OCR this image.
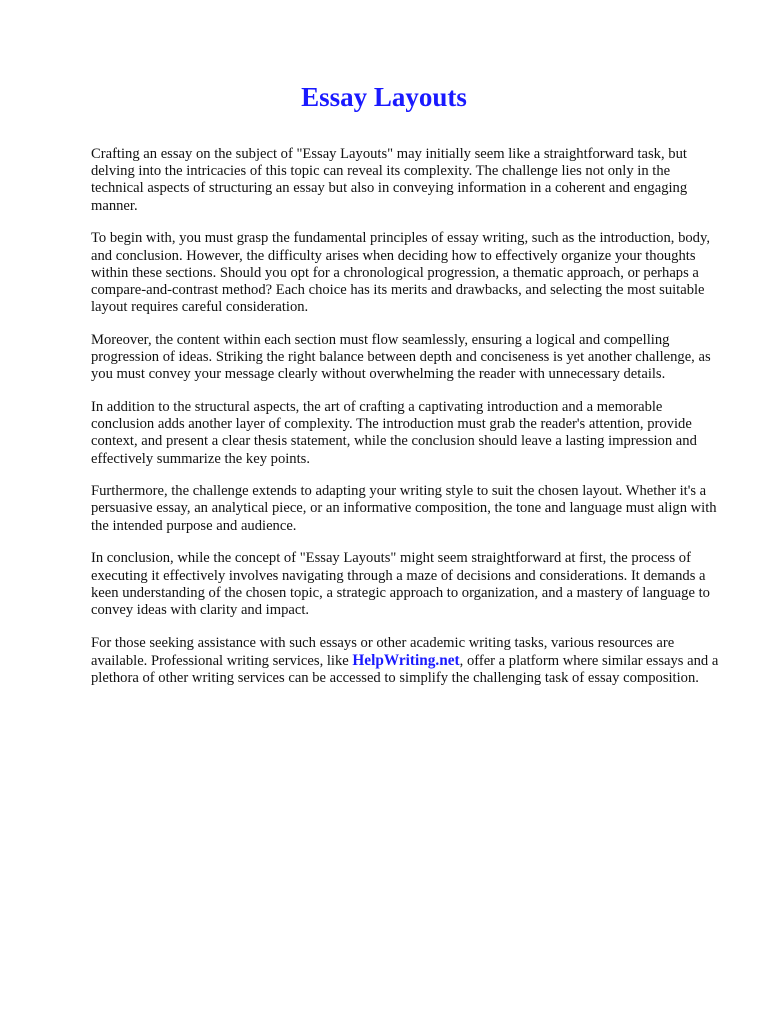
Essay Layouts

Crafting an essay on the subject of "Essay Layouts" may initially seem like a straightforward task, but delving into the intricacies of this topic can reveal its complexity. The challenge lies not only in the technical aspects of structuring an essay but also in conveying information in a coherent and engaging manner.

To begin with, you must grasp the fundamental principles of essay writing, such as the introduction, body, and conclusion. However, the difficulty arises when deciding how to effectively organize your thoughts within these sections. Should you opt for a chronological progression, a thematic approach, or perhaps a compare-and-contrast method? Each choice has its merits and drawbacks, and selecting the most suitable layout requires careful consideration.

Moreover, the content within each section must flow seamlessly, ensuring a logical and compelling progression of ideas. Striking the right balance between depth and conciseness is yet another challenge, as you must convey your message clearly without overwhelming the reader with unnecessary details.

In addition to the structural aspects, the art of crafting a captivating introduction and a memorable conclusion adds another layer of complexity. The introduction must grab the reader's attention, provide context, and present a clear thesis statement, while the conclusion should leave a lasting impression and effectively summarize the key points.

Furthermore, the challenge extends to adapting your writing style to suit the chosen layout. Whether it's a persuasive essay, an analytical piece, or an informative composition, the tone and language must align with the intended purpose and audience.

In conclusion, while the concept of "Essay Layouts" might seem straightforward at first, the process of executing it effectively involves navigating through a maze of decisions and considerations. It demands a keen understanding of the chosen topic, a strategic approach to organization, and a mastery of language to convey ideas with clarity and impact.

For those seeking assistance with such essays or other academic writing tasks, various resources are available. Professional writing services, like HelpWriting.net, offer a platform where similar essays and a plethora of other writing services can be accessed to simplify the challenging task of essay composition.
